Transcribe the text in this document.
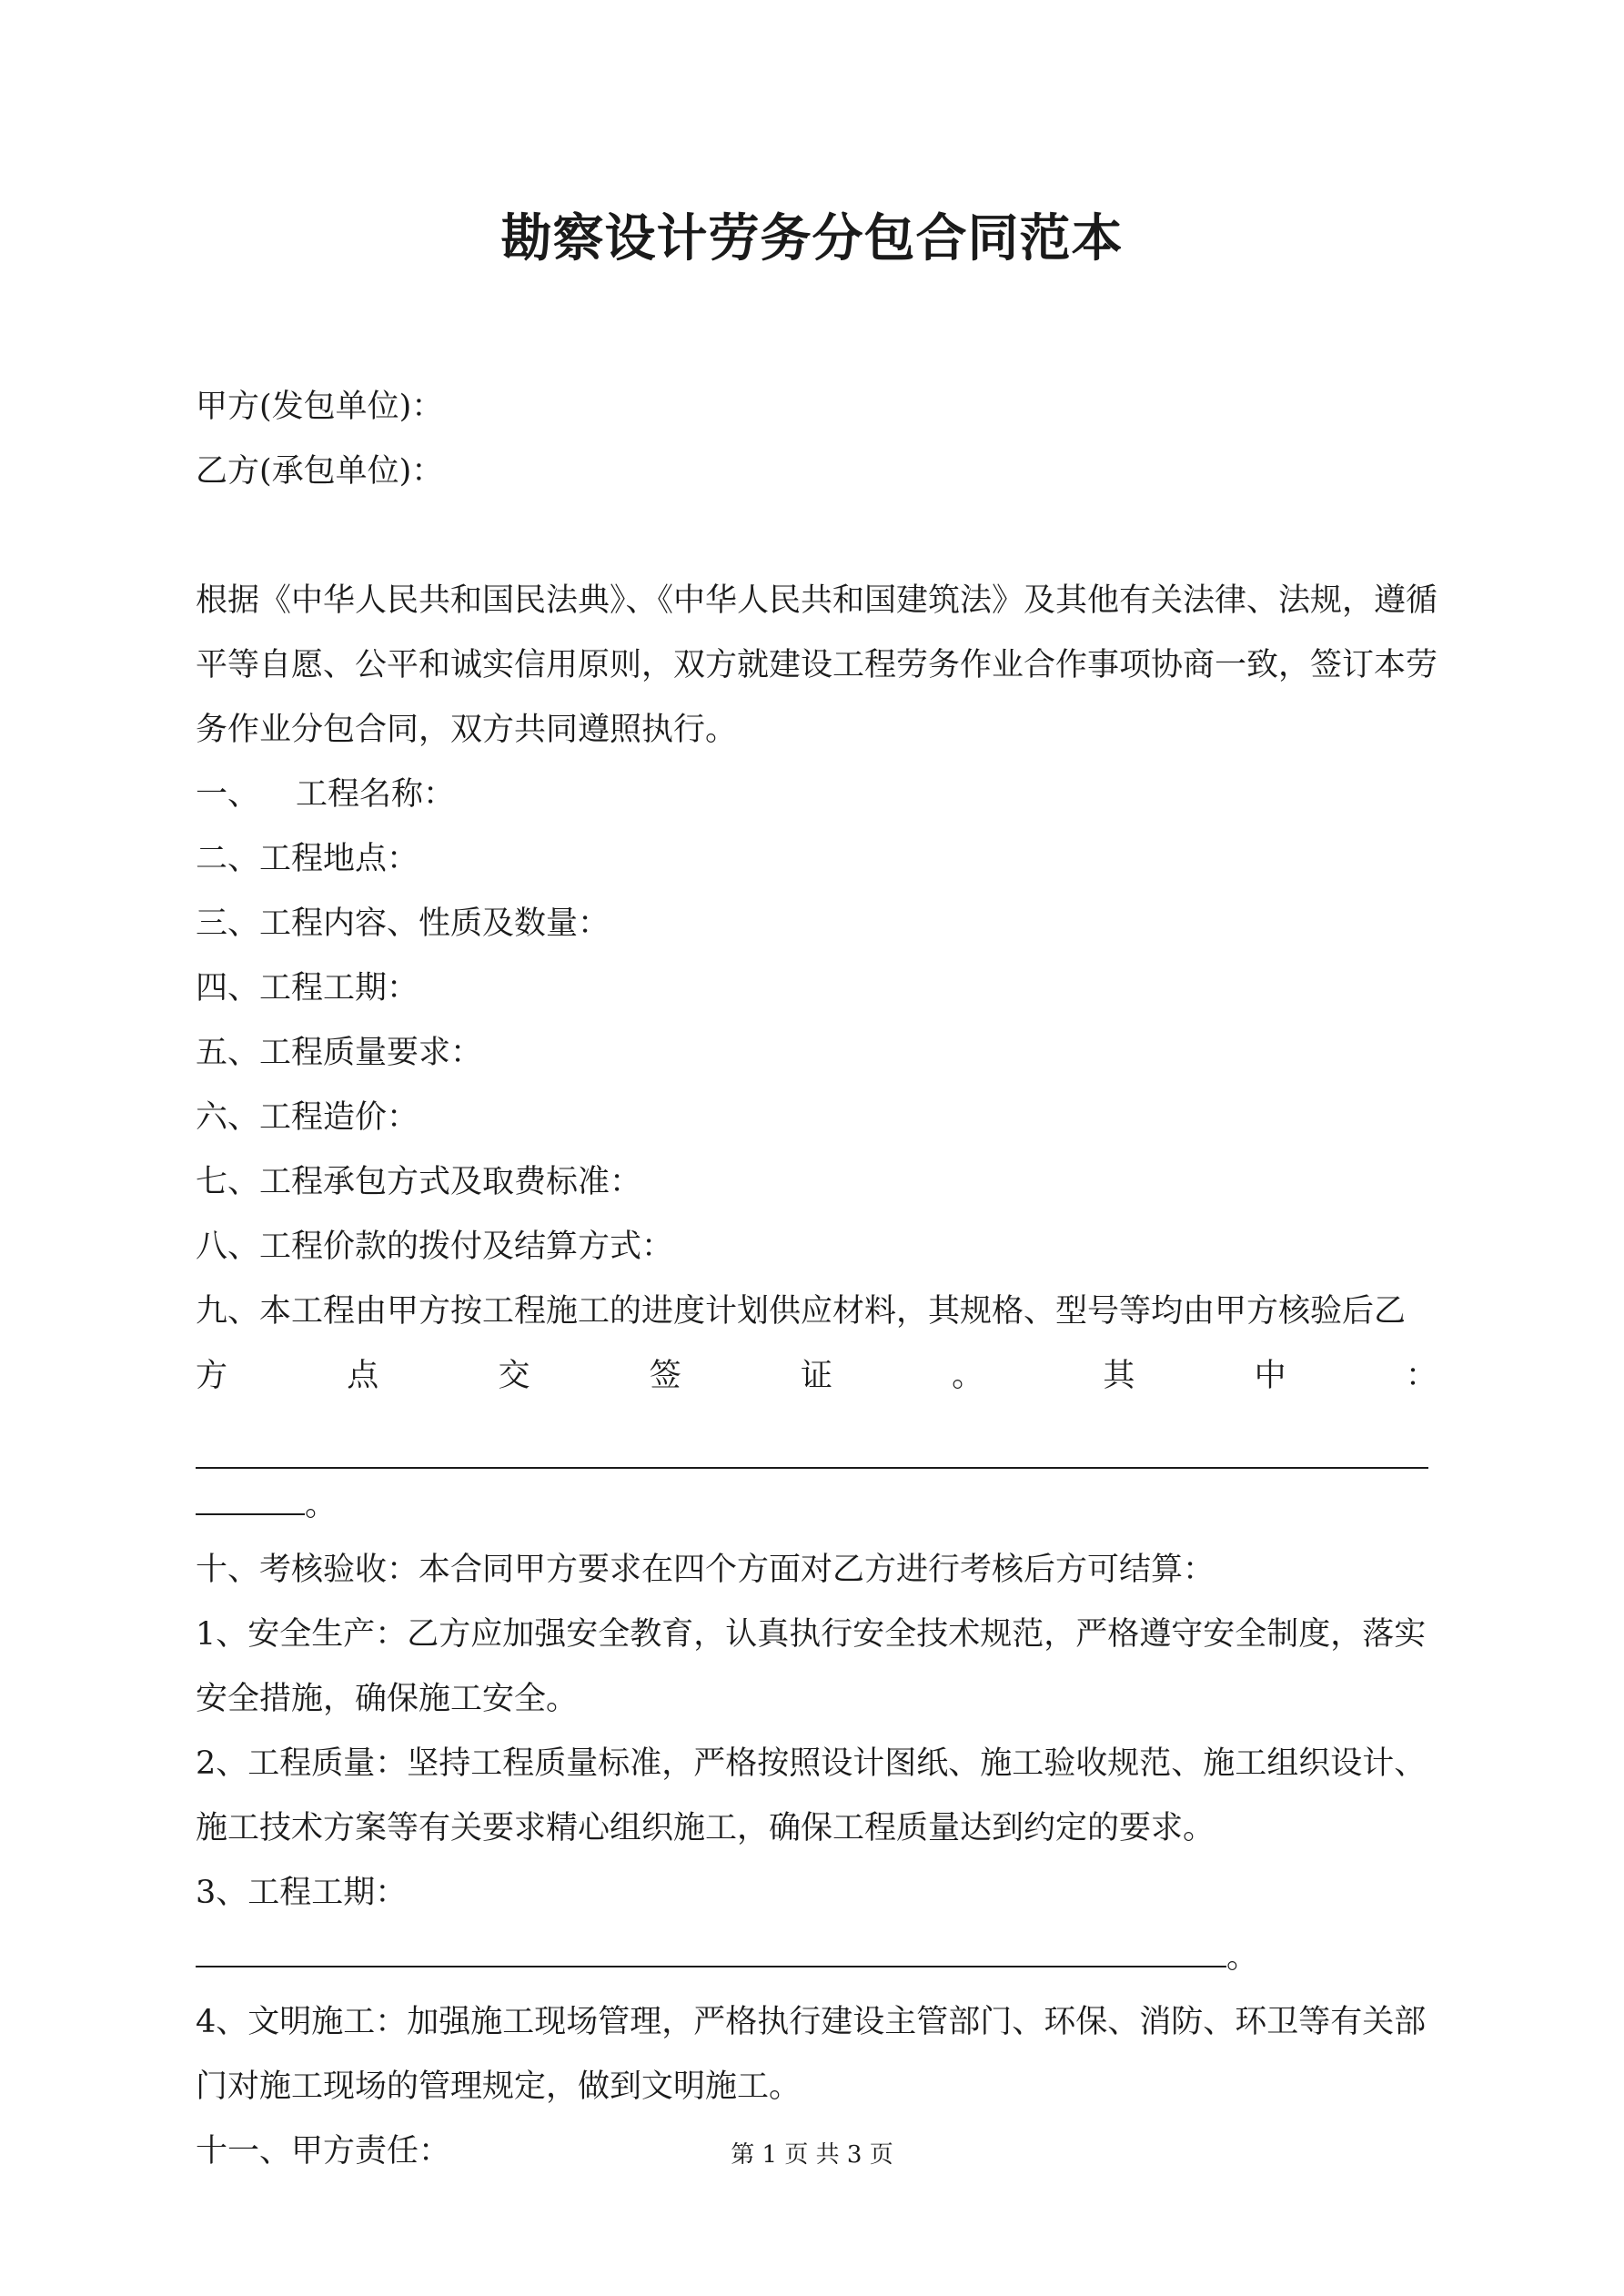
勘察设计劳务分包合同范本

甲方(发包单位)：

乙方(承包单位)：

根据《中华人民共和国民法典》、《中华人民共和国建筑法》及其他有关法律、法规，遵循平等自愿、公平和诚实信用原则，双方就建设工程劳务作业合作事项协商一致，签订本劳务作业分包合同，双方共同遵照执行。

一、 工程名称：

二、工程地点：

三、工程内容、性质及数量：

四、工程工期：

五、工程质量要求：

六、工程造价：

七、工程承包方式及取费标准：

八、工程价款的拨付及结算方式：

九、本工程由甲方按工程施工的进度计划供应材料，其规格、型号等均由甲方核验后乙

方	点	交	签	证	。	其	中	：

。

十、考核验收：本合同甲方要求在四个方面对乙方进行考核后方可结算：

1、安全生产：乙方应加强安全教育，认真执行安全技术规范，严格遵守安全制度，落实安全措施，确保施工安全。

2、工程质量：坚持工程质量标准，严格按照设计图纸、施工验收规范、施工组织设计、施工技术方案等有关要求精心组织施工，确保工程质量达到约定的要求。

3、工程工期：。

4、文明施工：加强施工现场管理，严格执行建设主管部门、环保、消防、环卫等有关部门对施工现场的管理规定，做到文明施工。

十一、甲方责任：	第 1 页 共 3 页
